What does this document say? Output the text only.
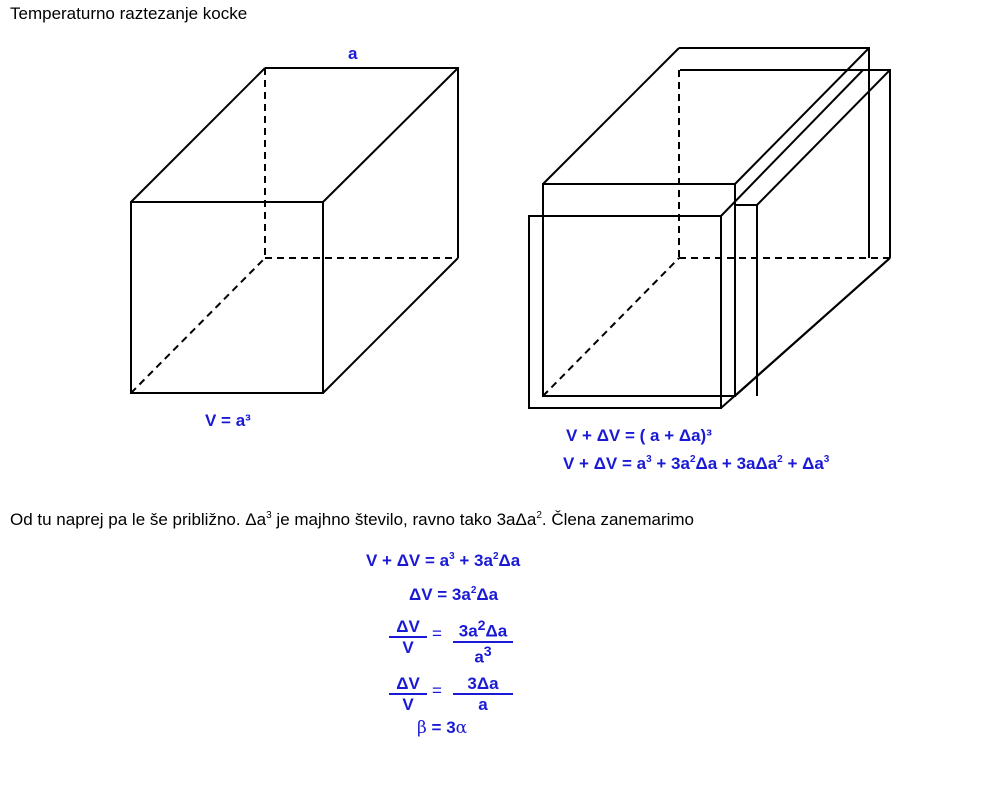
Temperaturno raztezanje kocke
a
V = a³
V + ΔV = ( a + Δa)³
$V + \Delta V = a^3 + 3a^2\Delta a + 3a\Delta a^2 + \Delta a^3$
Od tu naprej pa le še približno. $\Delta a^3$ je majhno število, ravno tako 3aΔa$^2$. Člena zanemarimo
$V + \Delta V = a^3 + 3a^2\Delta a$
$\Delta V = 3a^2\Delta a$
$\frac{\Delta V}{V} = \frac{3a^2\Delta a}{a^3}$
$\frac{\Delta V}{V} = \frac{3\Delta a}{a}$
β = 3α
